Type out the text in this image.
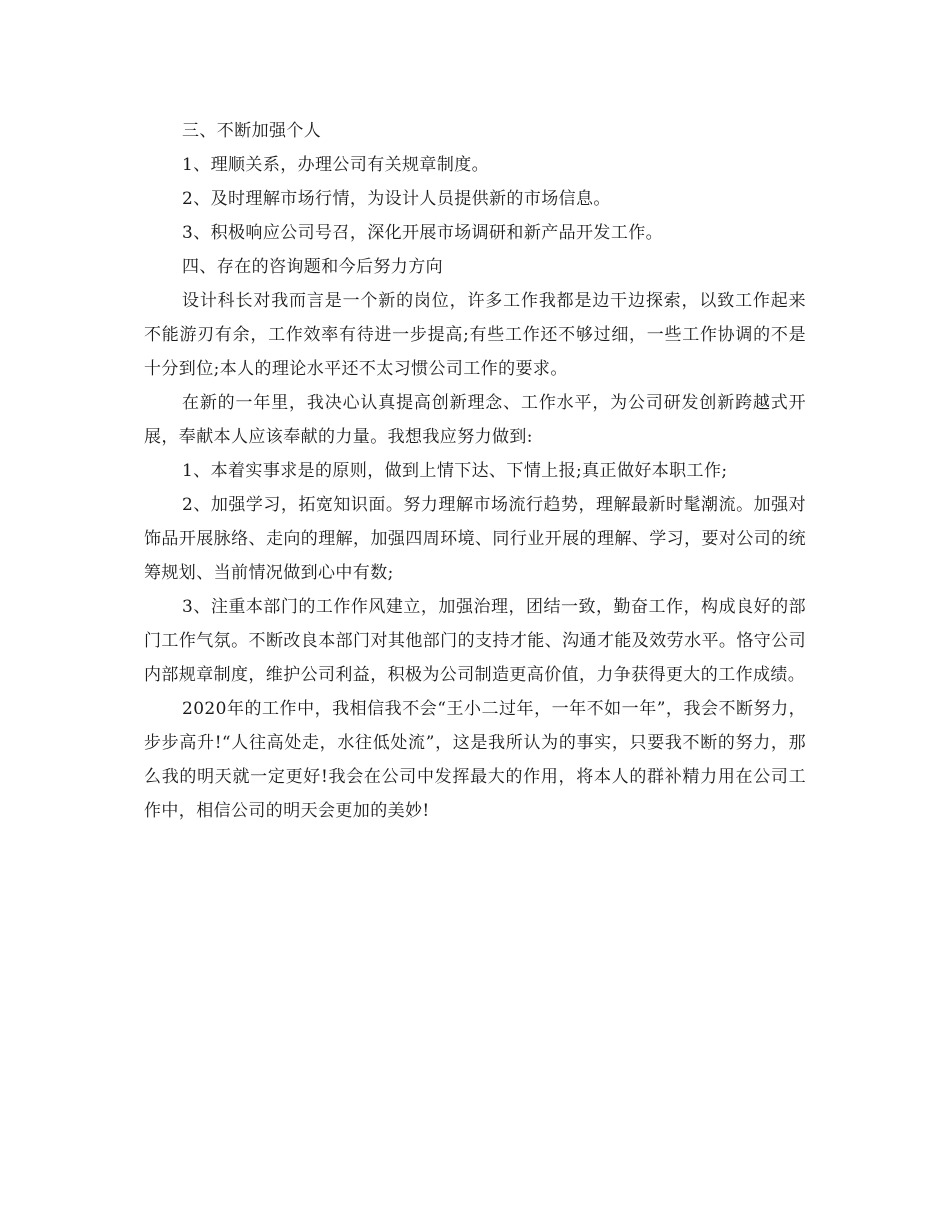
三、不断加强个人

1、理顺关系，办理公司有关规章制度。

2、及时理解市场行情，为设计人员提供新的市场信息。

3、积极响应公司号召，深化开展市场调研和新产品开发工作。

四、存在的咨询题和今后努力方向

设计科长对我而言是一个新的岗位，许多工作我都是边干边探索，以致工作起来不能游刃有余，工作效率有待进一步提高;有些工作还不够过细，一些工作协调的不是十分到位;本人的理论水平还不太习惯公司工作的要求。

在新的一年里，我决心认真提高创新理念、工作水平，为公司研发创新跨越式开展，奉献本人应该奉献的力量。我想我应努力做到:

1、本着实事求是的原则，做到上情下达、下情上报;真正做好本职工作;

2、加强学习，拓宽知识面。努力理解市场流行趋势，理解最新时髦潮流。加强对饰品开展脉络、走向的理解，加强四周环境、同行业开展的理解、学习，要对公司的统筹规划、当前情况做到心中有数;

3、注重本部门的工作作风建立，加强治理，团结一致，勤奋工作，构成良好的部门工作气氛。不断改良本部门对其他部门的支持才能、沟通才能及效劳水平。恪守公司内部规章制度，维护公司利益，积极为公司制造更高价值，力争获得更大的工作成绩。

2020年的工作中，我相信我不会“王小二过年，一年不如一年”，我会不断努力，步步高升!“人往高处走，水往低处流”，这是我所认为的事实，只要我不断的努力，那么我的明天就一定更好!我会在公司中发挥最大的作用，将本人的群补精力用在公司工作中，相信公司的明天会更加的美妙!
